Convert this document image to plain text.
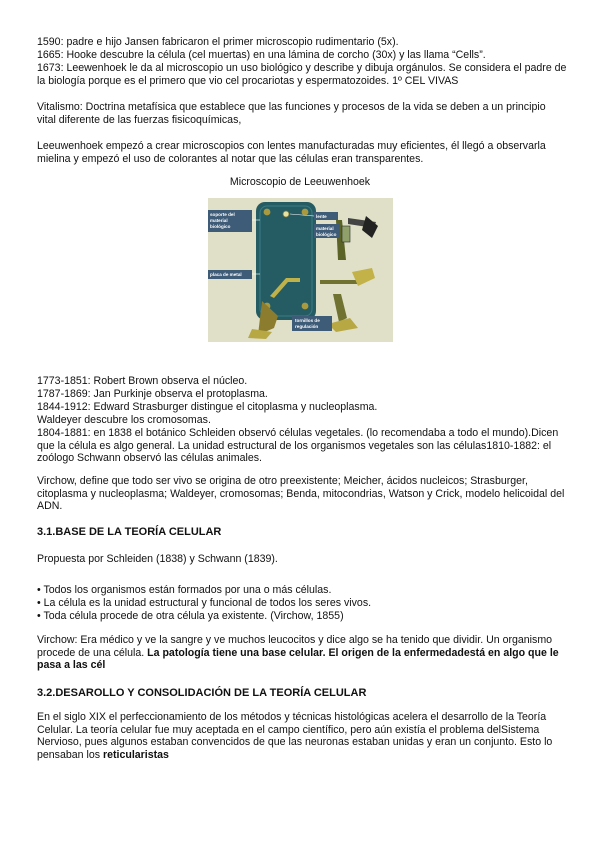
1590: padre e hijo Jansen fabricaron el primer microscopio rudimentario (5x).

1665: Hooke descubre la célula (cel muertas) en una lámina de corcho (30x) y las llama “Cells”.

1673: Leewenhoek le da al microscopio un uso biológico y describe y dibuja orgánulos. Se considera el padre de la biología porque es el primero que vio cel procariotas y espermatozoides. 1º CEL VIVAS

Vitalismo: Doctrina metafísica que establece que las funciones y procesos de la vida se deben a un principio vital diferente de las fuerzas fisicoquímicas,

Leeuwenhoek empezó a crear microscopios con lentes manufacturadas muy eficientes, él llegó a observarla mielina y empezó el uso de colorantes al notar que las células eran transparentes.

Microscopio de Leeuwenhoek
soporte del
material
biológico
lente
material
biológico
placa de metal
tornillos de
regulación

1773-1851: Robert Brown observa el núcleo.

1787-1869: Jan Purkinje observa el protoplasma.

1844-1912: Edward Strasburger distingue el citoplasma y nucleoplasma.

Waldeyer descubre los cromosomas.

1804-1881: en 1838 el botánico Schleiden observó células vegetales. (lo recomendaba a todo el mundo).Dicen que la célula es algo general. La unidad estructural de los organismos vegetales son las células1810-1882: el zoólogo Schwann observó las células animales.

Virchow, define que todo ser vivo se origina de otro preexistente; Meicher, ácidos nucleicos; Strasburger, citoplasma y nucleoplasma; Waldeyer, cromosomas; Benda, mitocondrias, Watson y Crick, modelo helicoidal del ADN.

3.1.BASE DE LA TEORÍA CELULAR

Propuesta por Schleiden (1838) y Schwann (1839).

• Todos los organismos están formados por una o más células.

• La célula es la unidad estructural y funcional de todos los seres vivos.

• Toda célula procede de otra célula ya existente. (Virchow, 1855)

Virchow: Era médico y ve la sangre y ve muchos leucocitos y dice algo se ha tenido que dividir. Un organismo procede de una célula. La patología tiene una base celular. El origen de la enfermedadestá en algo que le pasa a las cél

3.2.DESAROLLO Y CONSOLIDACIÓN DE LA TEORÍA CELULAR

En el siglo XIX el perfeccionamiento de los métodos y técnicas histológicas acelera el desarrollo de la Teoría Celular. La teoría celular fue muy aceptada en el campo científico, pero aún existía el problema delSistema Nervioso, pues algunos estaban convencidos de que las neuronas estaban unidas y eran un conjunto. Esto lo pensaban los reticularistas
